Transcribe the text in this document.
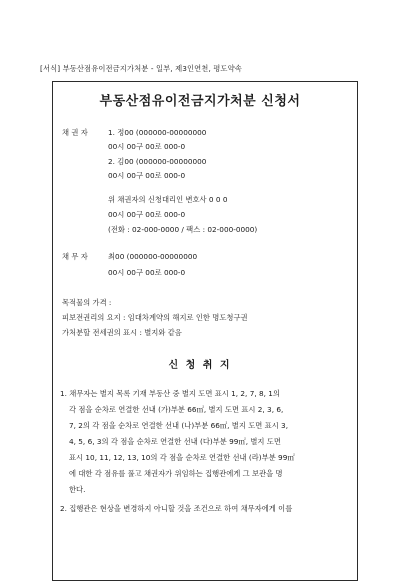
[서식] 부동산점유이전금지가처분 - 일부, 제3인연천, 평도약속
부동산점유이전금지가처분 신청서
채 권 자	1. 정00 (000000-00000000
00시 00구 00로 000-0
2. 김00 (000000-00000000
00시 00구 00로 000-0
위 채권자의 신청대리인 변호사 0 0 0
00시 00구 00로 000-0
(전화 : 02-000-0000 / 팩스 : 02-000-0000)
채 무 자	최00 (000000-00000000
00시 00구 00로 000-0
목적물의 가격 :
피보전권리의 요지 : 임대차계약의 해지로 인한 명도청구권
가처분할 전세권의 표시 : 별지와 같음
신 청 취 지
1. 채무자는 별지 목록 기재 부동산 중 별지 도면 표시 1, 2, 7, 8, 1의
각 점을 순차로 연결한 선내 (가)부분 66㎡, 별지 도면 표시 2, 3, 6,
7, 2의 각 점을 순차로 연결한 선내 (나)부분 66㎡, 별지 도면 표시 3,
4, 5, 6, 3의 각 점을 순차로 연결한 선내 (다)부분 99㎡, 별지 도면
표시 10, 11, 12, 13, 10의 각 점을 순차로 연결한 선내 (라)부분 99㎡
에 대한 각 점유를 풀고 채권자가 위임하는 집행관에게 그 보관을 명
한다.
2. 집행관은 현상을 변경하지 아니할 것을 조건으로 하여 채무자에게 이를
